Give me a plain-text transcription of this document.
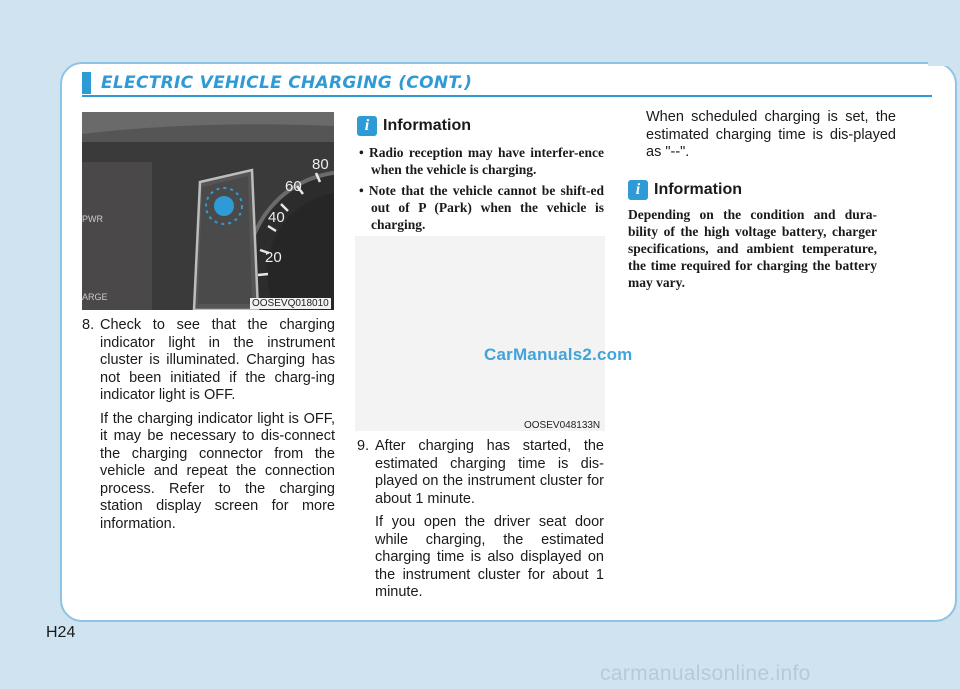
ELECTRIC VEHICLE CHARGING (CONT.)
80
60
40
20
PWR
ARGE
OOSEVQ018010

8. Check to see that the charging indicator light in the instrument cluster is illuminated. Charging has not been initiated if the charg-ing indicator light is OFF.

If the charging indicator light is OFF, it may be necessary to dis-connect the charging connector from the vehicle and repeat the connection process. Refer to the charging station display screen for more information.

i Information
• Radio reception may have interfer-ence when the vehicle is charging.
• Note that the vehicle cannot be shift-ed out of P (Park) when the vehicle is charging.
OOSEV048133N
CarManuals2.com

9. After charging has started, the estimated charging time is dis-played on the instrument cluster for about 1 minute.

If you open the driver seat door while charging, the estimated charging time is also displayed on the instrument cluster for about 1 minute.

When scheduled charging is set, the estimated charging time is dis-played as "--".

i Information

Depending on the condition and dura-bility of the high voltage battery, charger specifications, and ambient temperature, the time required for charging the battery may vary.

H24
carmanualsonline.info
